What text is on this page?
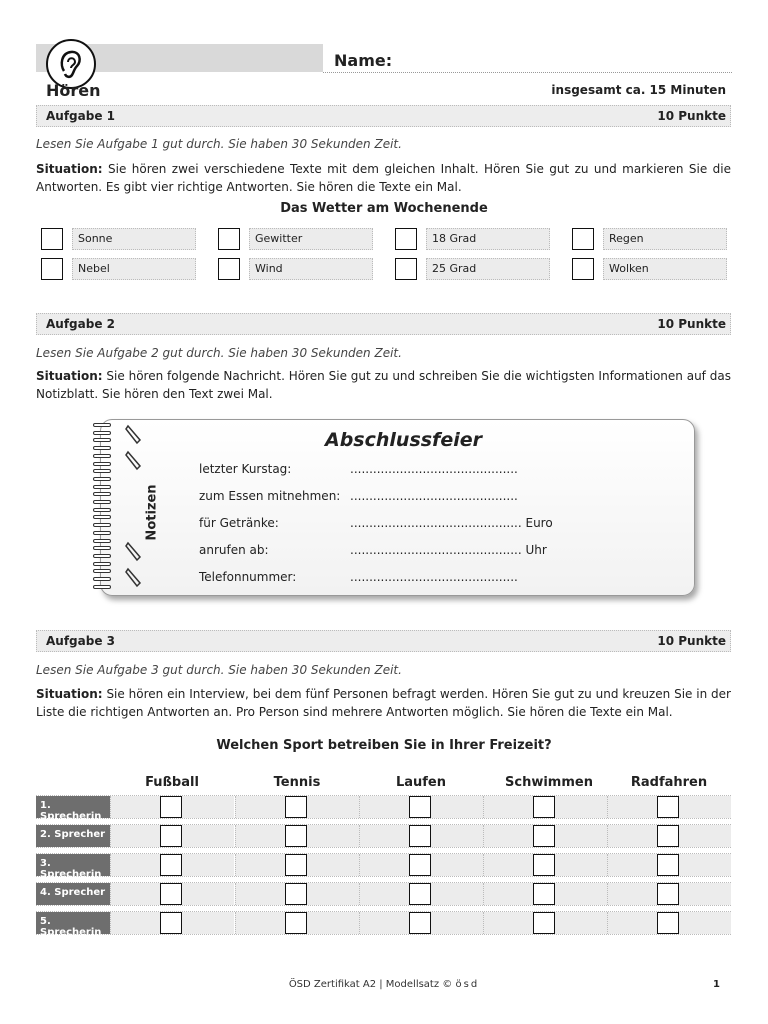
Name:
Hören	insgesamt ca. 15 Minuten
Aufgabe 1	10 Punkte
Lesen Sie Aufgabe 1 gut durch. Sie haben 30 Sekunden Zeit.
Situation: Sie hören zwei verschiedene Texte mit dem gleichen Inhalt. Hören Sie gut zu und markieren Sie die Antworten. Es gibt vier richtige Antworten. Sie hören die Texte ein Mal.
Das Wetter am Wochenende
Sonne	Gewitter	18 Grad	Regen
Nebel	Wind	25 Grad	Wolken
Aufgabe 2	10 Punkte
Lesen Sie Aufgabe 2 gut durch. Sie haben 30 Sekunden Zeit.
Situation: Sie hören folgende Nachricht. Hören Sie gut zu und schreiben Sie die wichtigsten Informationen auf das Notizblatt. Sie hören den Text zwei Mal.
Notizen
Abschlussfeier
letzter Kurstag:	............................................
zum Essen mitnehmen: ............................................
für Getränke:	............................................. Euro
anrufen ab:	............................................. Uhr
Telefonnummer:	............................................
Aufgabe 3	10 Punkte
Lesen Sie Aufgabe 3 gut durch. Sie haben 30 Sekunden Zeit.
Situation: Sie hören ein Interview, bei dem fünf Personen befragt werden. Hören Sie gut zu und kreuzen Sie in der Liste die richtigen Antworten an. Pro Person sind mehrere Antworten möglich. Sie hören die Texte ein Mal.
Welchen Sport betreiben Sie in Ihrer Freizeit?
Fußball	Tennis	Laufen	Schwimmen	Radfahren
1. Sprecherin
2. Sprecher
3. Sprecherin
4. Sprecher
5. Sprecherin
ÖSD Zertifikat A2 | Modellsatz © ösd	1
